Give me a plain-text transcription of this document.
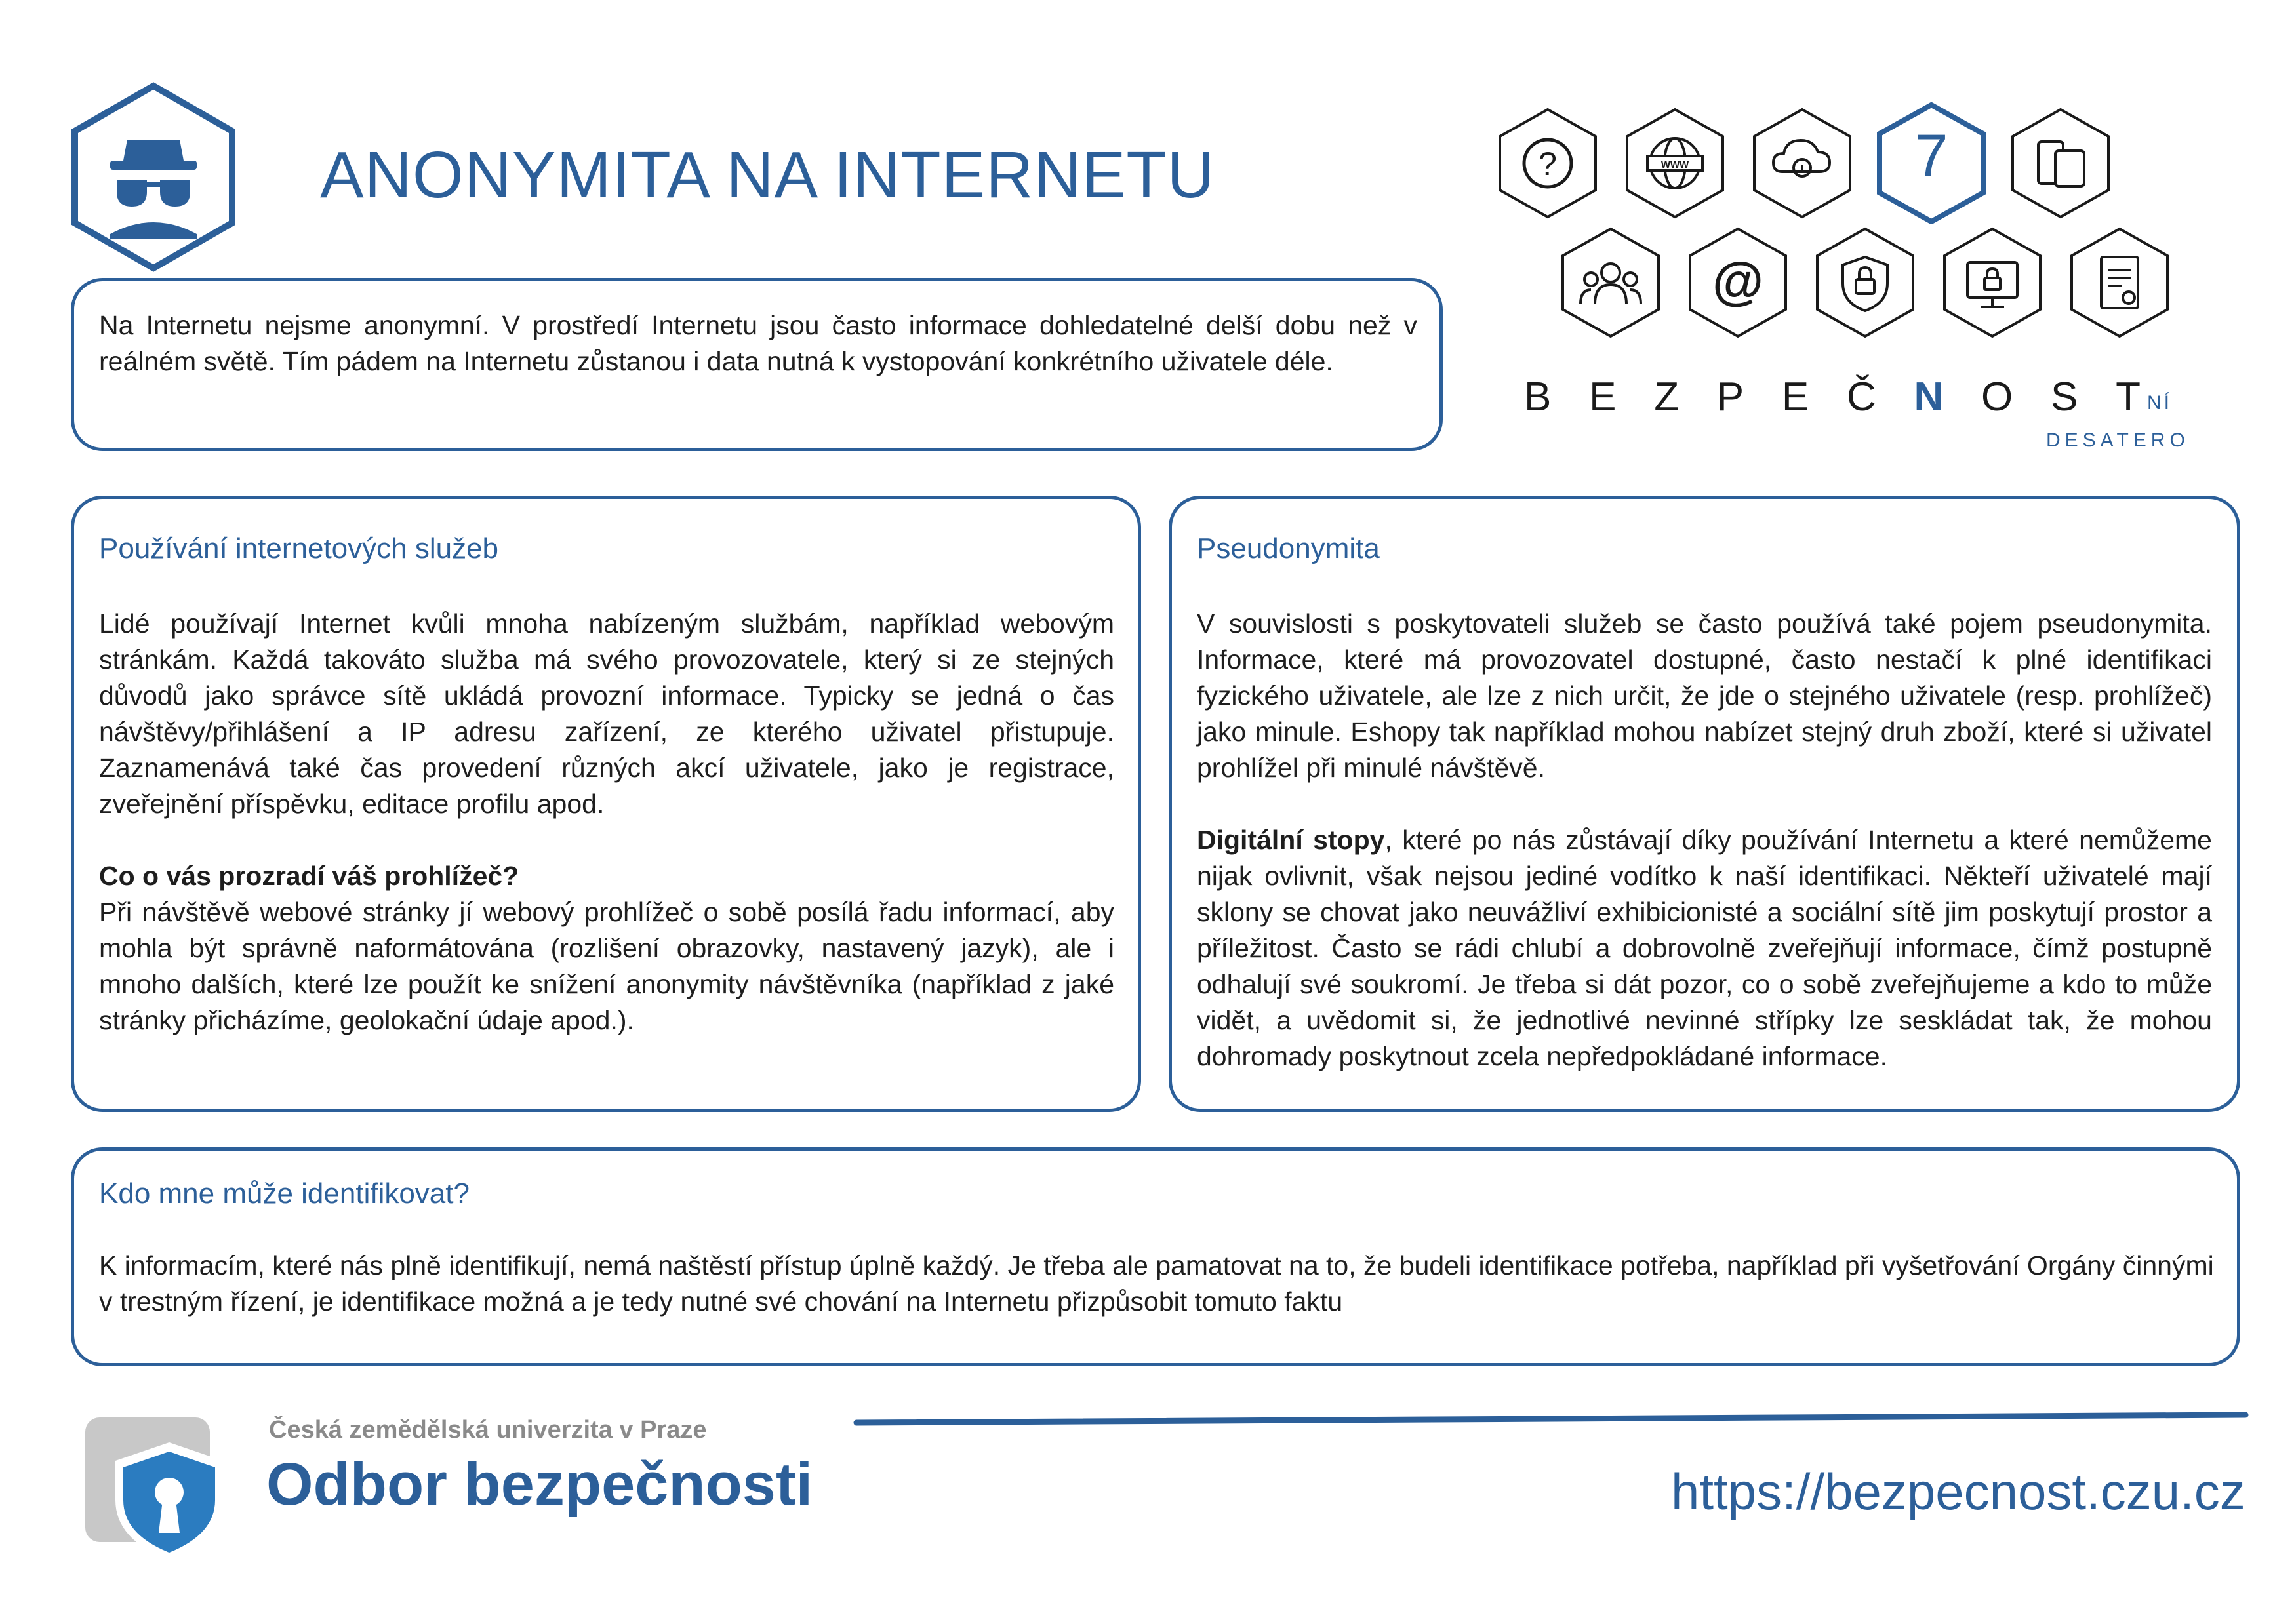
ANONYMITA NA INTERNETU

Na Internetu nejsme anonymní. V prostředí Internetu jsou často informace dohledatelné delší dobu než v reálném světě. Tím pádem na Internetu zůstanou i data nutná k vystopování konkrétního uživatele déle.

?	www	7
@
B E Z P E Č N O S T NÍ
DESATERO

Používání internetových služeb

Lidé používají Internet kvůli mnoha nabízeným službám, například webovým stránkám. Každá takováto služba má svého provozovatele, který si ze stejných důvodů jako správce sítě ukládá provozní informace. Typicky se jedná o čas návštěvy/přihlášení a IP adresu zařízení, ze kterého uživatel přistupuje. Zaznamenává také čas provedení různých akcí uživatele, jako je registrace, zveřejnění příspěvku, editace profilu apod.

Co o vás prozradí váš prohlížeč?

Při návštěvě webové stránky jí webový prohlížeč o sobě posílá řadu informací, aby mohla být správně naformátována (rozlišení obrazovky, nastavený jazyk), ale i mnoho dalších, které lze použít ke snížení anonymity návštěvníka (například z jaké stránky přicházíme, geolokační údaje apod.).

Pseudonymita

V souvislosti s poskytovateli služeb se často používá také pojem pseudonymita. Informace, které má provozovatel dostupné, často nestačí k plné identifikaci fyzického uživatele, ale lze z nich určit, že jde o stejného uživatele (resp. prohlížeč) jako minule. Eshopy tak například mohou nabízet stejný druh zboží, které si uživatel prohlížel při minulé návštěvě.

Digitální stopy, které po nás zůstávají díky používání Internetu a které nemůžeme nijak ovlivnit, však nejsou jediné vodítko k naší identifikaci. Někteří uživatelé mají sklony se chovat jako neuvážliví exhibicionisté a sociální sítě jim poskytují prostor a příležitost. Často se rádi chlubí a dobrovolně zveřejňují informace, čímž postupně odhalují své soukromí. Je třeba si dát pozor, co o sobě zveřejňujeme a kdo to může vidět, a uvědomit si, že jednotlivé nevinné střípky lze seskládat tak, že mohou dohromady poskytnout zcela nepředpokládané informace.

Kdo mne může identifikovat?

K informacím, které nás plně identifikují, nemá naštěstí přístup úplně každý. Je třeba ale pamatovat na to, že budeli identifikace potřeba, například při vyšetřování Orgány činnými v trestným řízení, je identifikace možná a je tedy nutné své chování na Internetu přizpůsobit tomuto faktu

Česká zemědělská univerzita v Praze
Odbor bezpečnosti	https://bezpecnost.czu.cz
